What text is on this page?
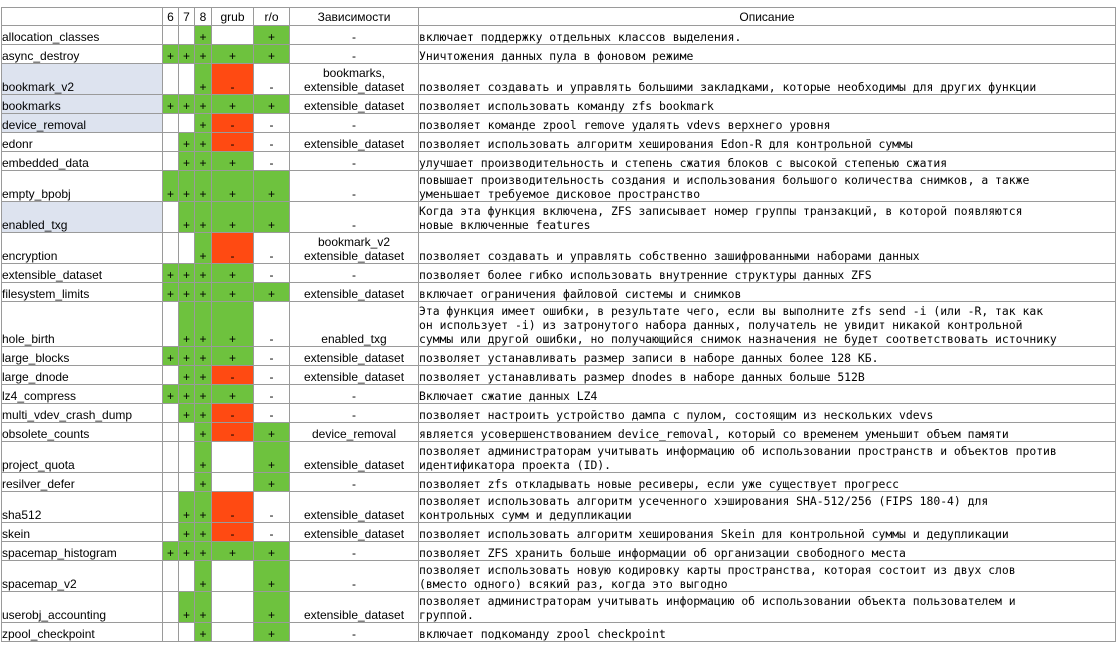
	6	7	8	grub	r/o	Зависимости	Описание
allocation_classes			+		+	-	включает поддержку отдельных классов выделения.

async_destroy	+	+	+	+	+	-	Уничтожения данных пула в фоновом режиме

bookmark_v2			+	-	-	bookmarks,
extensible_dataset	позволяет создавать и управлять большими закладками, которые необходимы для других функции

bookmarks	+	+	+	+	+	extensible_dataset	позволяет использовать команду zfs bookmark

device_removal			+	-	-	-	позволяет команде zpool remove удалять vdevs верхнего уровня

edonr		+	+	-	-	extensible_dataset	позволяет использовать алгоритм хеширования Edon-R для контрольной суммы

embedded_data		+	+	+	-	-	улучшает производительность и степень сжатия блоков с высокой степенью сжатия

empty_bpobj	+	+	+	+	+	-	повышает производительность создания и использования большого количества снимков, а также
уменьшает требуемое дисковое пространство

enabled_txg		+	+	+	+	-	Когда эта функция включена, ZFS записывает номер группы транзакций, в которой появляются
новые включенные features

encryption			+	-	-	bookmark_v2
extensible_dataset	позволяет создавать и управлять собственно зашифрованными наборами данных

extensible_dataset	+	+	+	+	-	-	позволяет более гибко использовать внутренние структуры данных ZFS

filesystem_limits	+	+	+	+	+	extensible_dataset	включает ограничения файловой системы и снимков

hole_birth		+	+	+	-	enabled_txg	Эта функция имеет ошибки, в результате чего, если вы выполните zfs send -i (или -R, так как
он использует -i) из затронутого набора данных, получатель не увидит никакой контрольной
суммы или другой ошибки, но получающийся снимок назначения не будет соответствовать источнику

large_blocks	+	+	+	+	-	extensible_dataset	позволяет устанавливать размер записи в наборе данных более 128 КБ.

large_dnode		+	+	-	-	extensible_dataset	позволяет устанавливать размер dnodes в наборе данных больше 512B

lz4_compress	+	+	+	+	-	-	Включает сжатие данных LZ4

multi_vdev_crash_dump		+	+	-	-	-	позволяет настроить устройство дампа с пулом, состоящим из нескольких vdevs

obsolete_counts			+	-	+	device_removal	является усовершенствованием device_removal, который со временем уменьшит объем памяти

project_quota			+		+	extensible_dataset	позволяет администраторам учитывать информацию об использовании пространств и объектов против
идентификатора проекта (ID).

resilver_defer			+		+	-	позволяет zfs откладывать новые ресиверы, если уже существует прогресс

sha512		+	+	-	-	extensible_dataset	позволяет использовать алгоритм усеченного хэширования SHA-512/256 (FIPS 180-4) для
контрольных сумм и дедупликации

skein		+	+	-	-	extensible_dataset	позволяет использовать алгоритм хеширования Skein для контрольной суммы и дедупликации

spacemap_histogram	+	+	+	+	+	-	позволяет ZFS хранить больше информации об организации свободного места

spacemap_v2			+		+	-	позволяет использовать новую кодировку карты пространства, которая состоит из двух слов
(вместо одного) всякий раз, когда это выгодно

userobj_accounting		+	+		+	extensible_dataset	позволяет администраторам учитывать информацию об использовании объекта пользователем и
группой.

zpool_checkpoint			+		+	-	включает подкоманду zpool checkpoint
